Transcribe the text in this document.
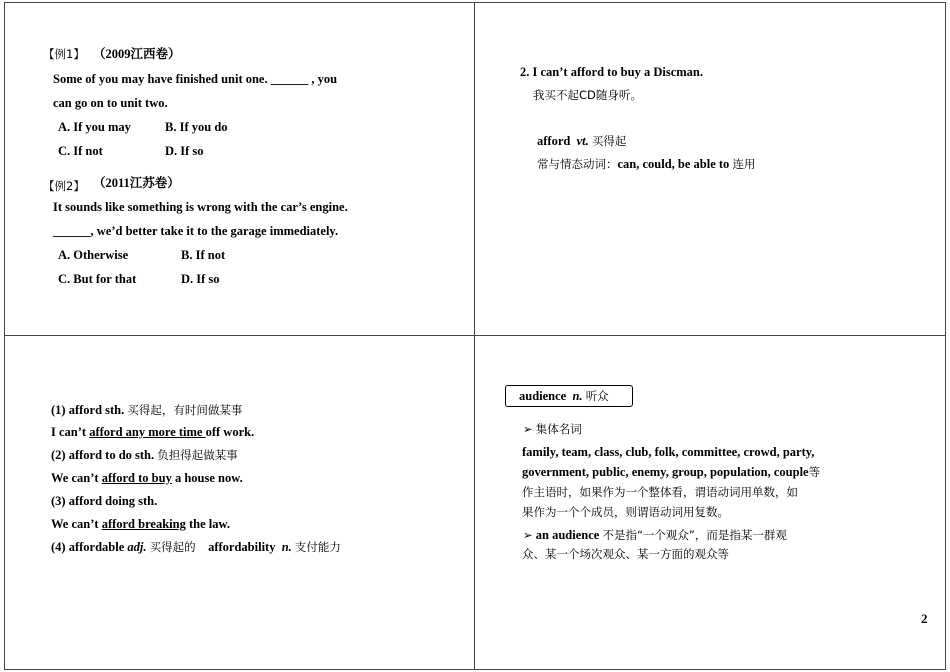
【例1】 （2009江西卷）
Some of you may have finished unit one. ______ , you
can go on to unit two.
A. If you may	B. If you do
C. If not	D. If so
【例2】 （2011江苏卷）
It sounds like something is wrong with the car’s engine.
______, we’d better take it to the garage immediately.
A. Otherwise	B. If not
C. But for that	D. If so
2. I can’t afford to buy a Discman.
我买不起CD随身听。
afford vt. 买得起
常与情态动词：can, could, be able to 连用
(1) afford sth. 买得起，有时间做某事
I can’t afford any more time off work.
(2) afford to do sth. 负担得起做某事
We can’t afford to buy a house now.
(3) afford doing sth.
We can’t afford breaking the law.
(4) affordable adj. 买得起的 affordability  n. 支付能力
audience n. 听众
➢ 集体名词
family, team, class, club, folk, committee, crowd, party,
government, public, enemy, group, population, couple等
作主语时，如果作为一个整体看，谓语动词用单数，如
果作为一个个成员，则谓语动词用复数。
➢ an audience 不是指“一个观众”，而是指某一群观
众、某一个场次观众、某一方面的观众等
2
